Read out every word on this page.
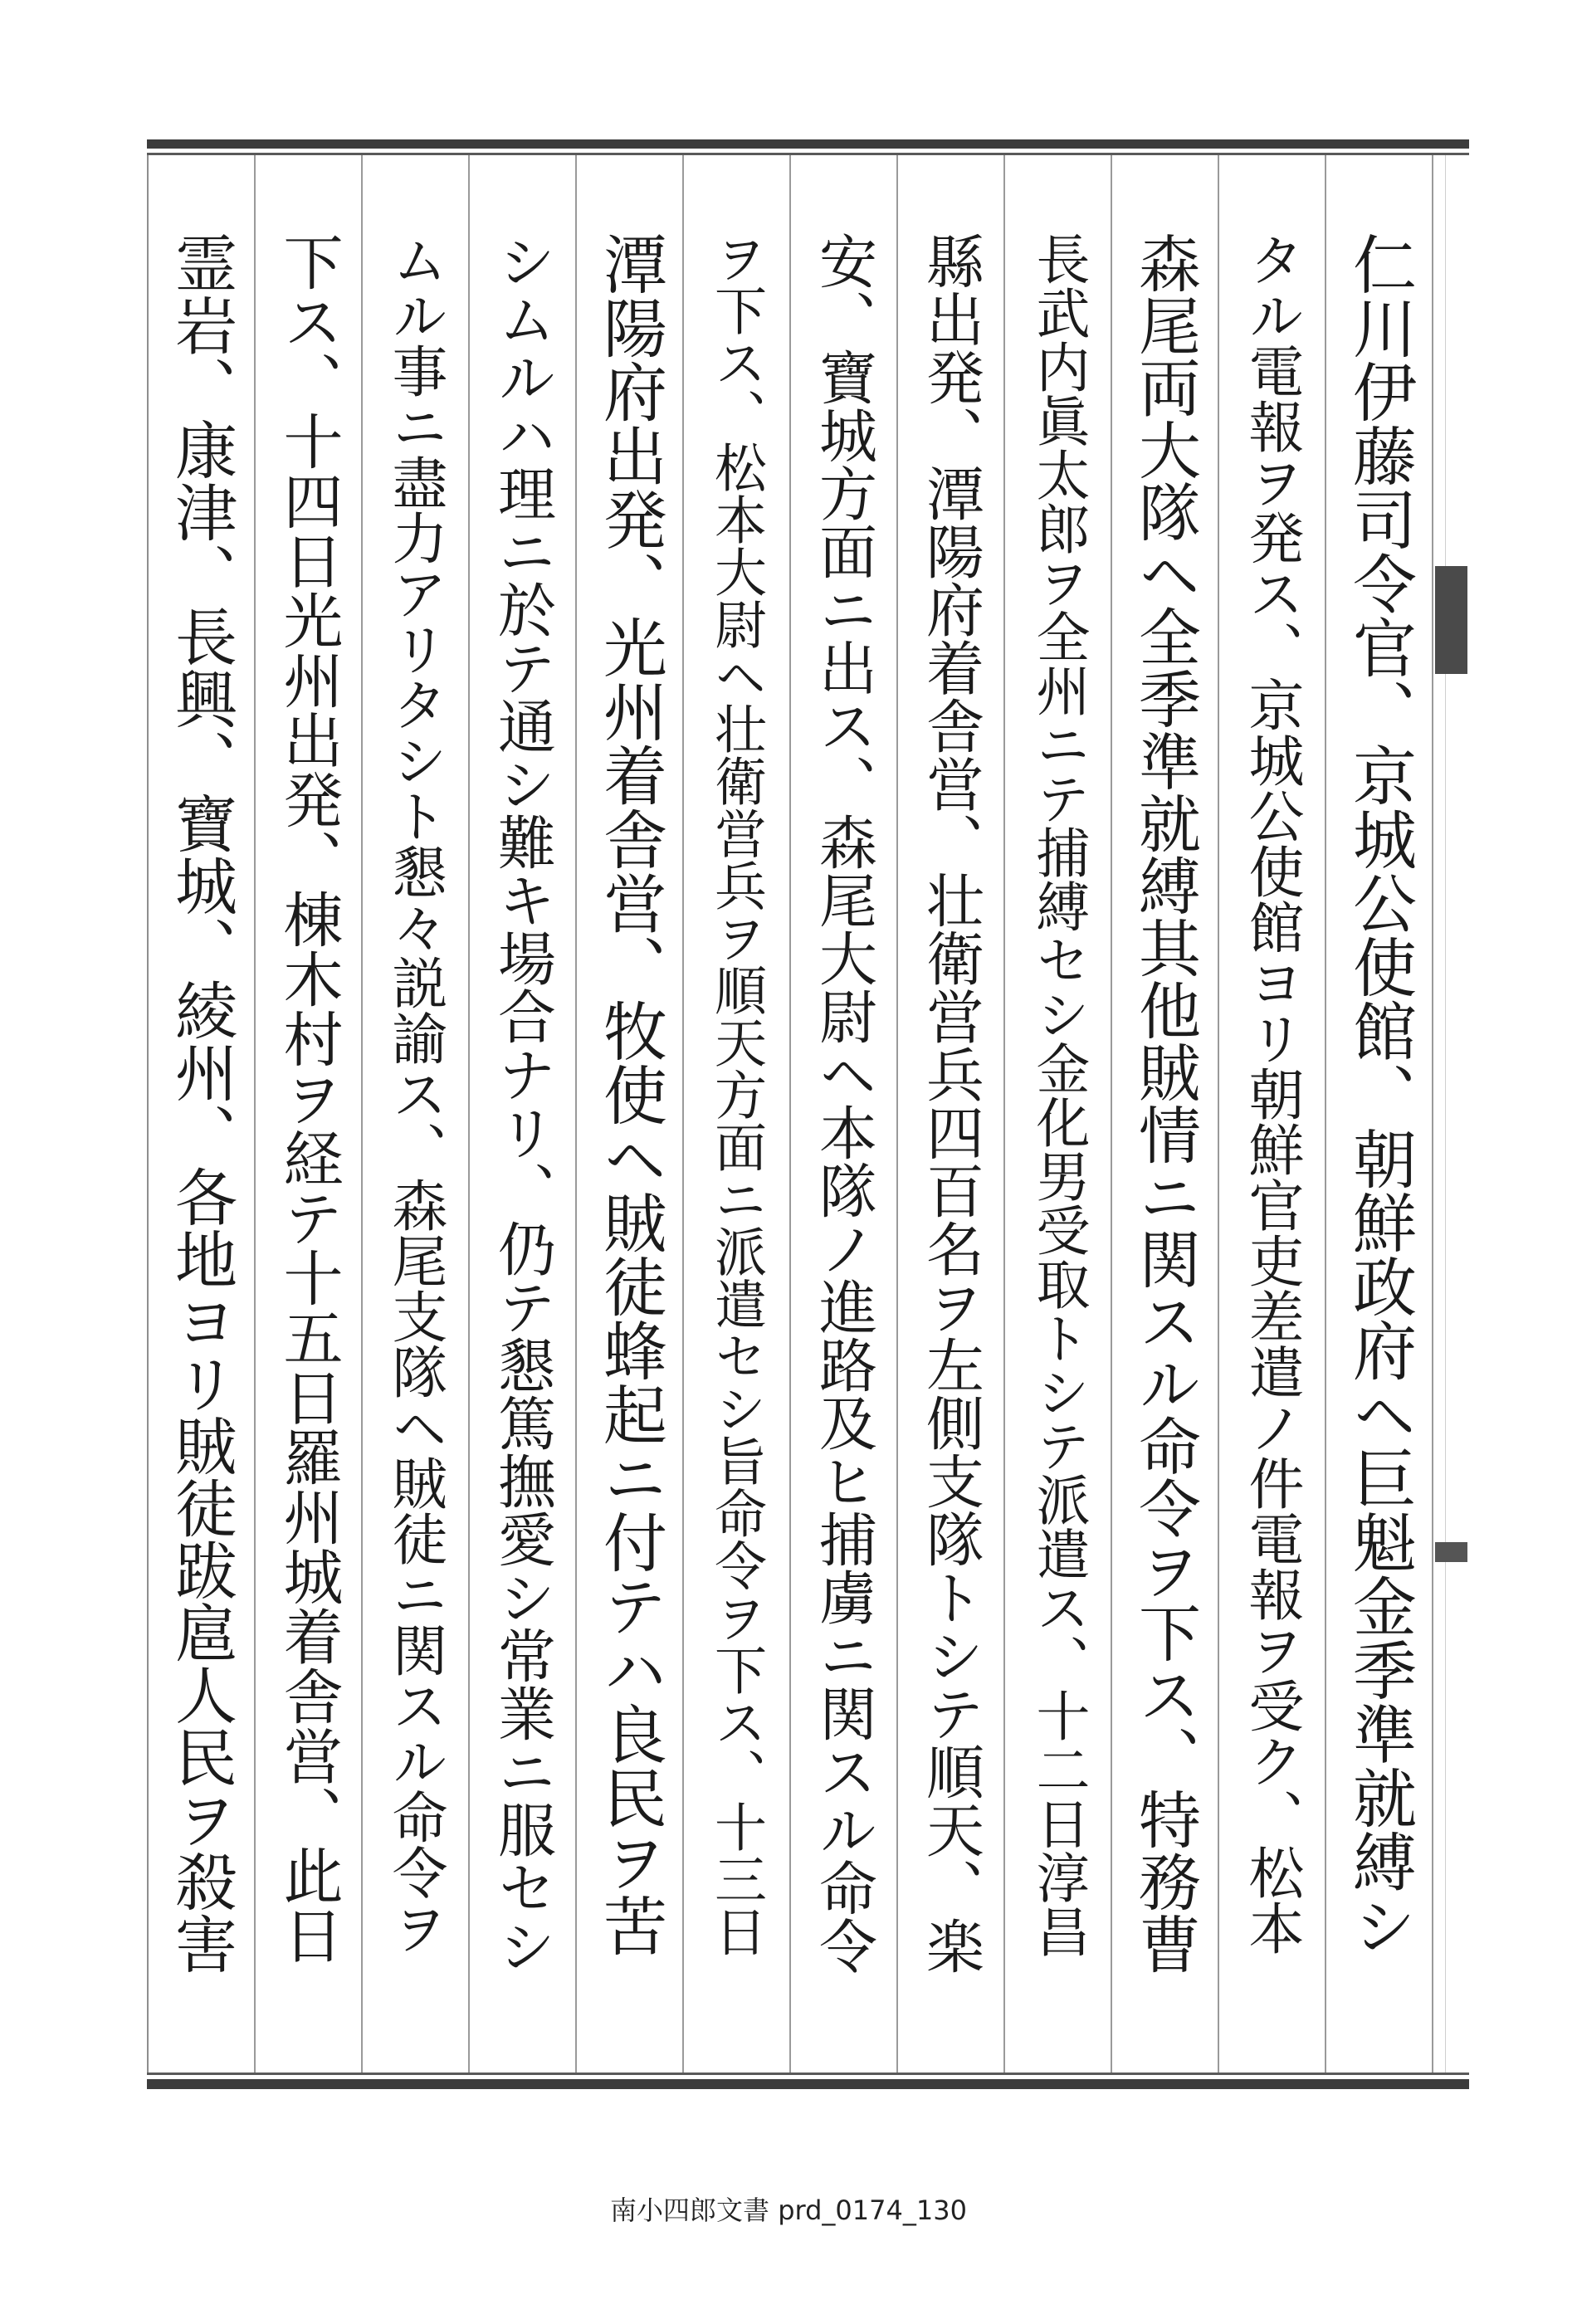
仁川伊藤司令官、京城公使館、朝鮮政府ヘ巨魁金季準就縛シ
タル電報ヲ発ス、京城公使館ヨリ朝鮮官吏差遣ノ件電報ヲ受ク、松本
森尾両大隊ヘ全季準就縛其他賊情ニ関スル命令ヲ下ス、特務曹
長武内眞太郎ヲ全州ニテ捕縛セシ金化男受取トシテ派遣ス、十二日淳昌
縣出発、潭陽府着舎営、壮衛営兵四百名ヲ左側支隊トシテ順天、楽
安、寶城方面ニ出ス、森尾大尉ヘ本隊ノ進路及ヒ捕虜ニ関スル命令
ヲ下ス、松本大尉ヘ壮衛営兵ヲ順天方面ニ派遣セシ旨命令ヲ下ス、十三日
潭陽府出発、光州着舎営、牧使ヘ賊徒蜂起ニ付テハ良民ヲ苦
シムルハ理ニ於テ通シ難キ場合ナリ、仍テ懇篤撫愛シ常業ニ服セシ
ムル事ニ盡力アリタシト懇々説諭ス、森尾支隊ヘ賊徒ニ関スル命令ヲ
下ス、十四日光州出発、棟木村ヲ経テ十五日羅州城着舎営、此日
霊岩、康津、長興、寶城、綾州、各地ヨリ賊徒跋扈人民ヲ殺害
南小四郎文書 prd_0174_130
